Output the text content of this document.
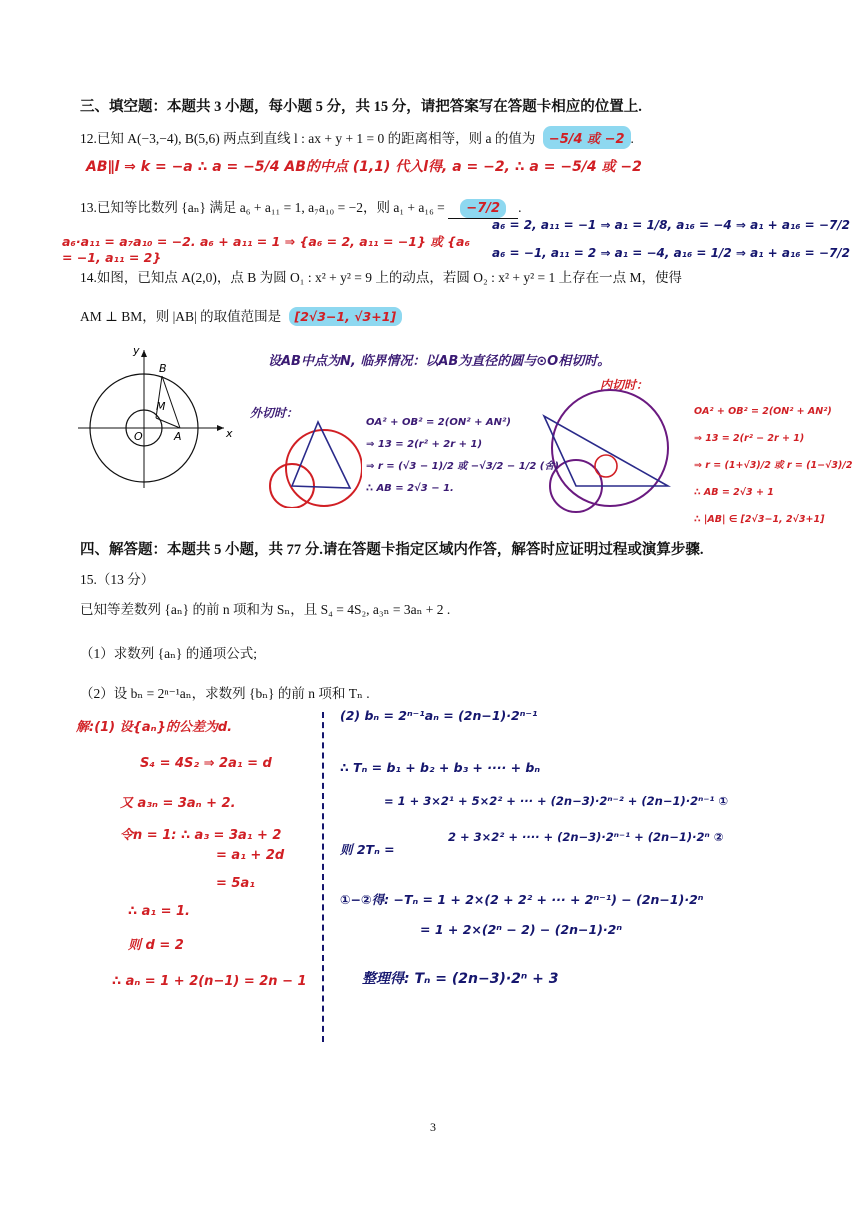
三、填空题：本题共 3 小题，每小题 5 分，共 15 分，请把答案写在答题卡相应的位置上.
12.已知 A(−3,−4), B(5,6) 两点到直线 l : ax + y + 1 = 0 的距离相等，则 a 的值为 −5/4 或 −2 .
AB∥l ⇒ k = −a ∴ a = −5/4 AB的中点 (1,1) 代入l得, a = −2, ∴ a = −5/4 或 −2
13.已知等比数列 {aₙ} 满足 a₆ + a₁₁ = 1, a₇a₁₀ = −2，则 a₁ + a₁₆ = −7/2 .
a₆·a₁₁ = a₇a₁₀ = −2. a₆ + a₁₁ = 1 ⇒ {a₆ = 2, a₁₁ = −1} 或 {a₆ = −1, a₁₁ = 2}
a₆ = 2, a₁₁ = −1 ⇒ a₁ = 1/8, a₁₆ = −4 ⇒ a₁ + a₁₆ = −7/2
a₆ = −1, a₁₁ = 2 ⇒ a₁ = −4, a₁₆ = 1/2 ⇒ a₁ + a₁₆ = −7/2
14.如图，已知点 A(2,0)，点 B 为圆 O₁ : x² + y² = 9 上的动点，若圆 O₂ : x² + y² = 1 上存在一点 M，使得
AM ⊥ BM，则 |AB| 的取值范围是 [2√3−1, √3+1]
y
x
B
M
O	A
设AB中点为N, 临界情况：以AB为直径的圆与⊙O相切时。
内切时：
外切时：
OA² + OB² = 2(ON² + AN²)
⇒ 13 = 2(r² + 2r + 1)
⇒ r = (√3 − 1)/2 或 −√3/2 − 1/2 (舍)
∴ AB = 2√3 − 1.
OA² + OB² = 2(ON² + AN²)
⇒ 13 = 2(r² − 2r + 1)
⇒ r = (1+√3)/2 或 r = (1−√3)/2
∴ AB = 2√3 + 1
∴ |AB| ∈ [2√3−1, 2√3+1]
四、解答题：本题共 5 小题，共 77 分.请在答题卡指定区域内作答，解答时应证明过程或演算步骤.
15.（13 分）
已知等差数列 {aₙ} 的前 n 项和为 Sₙ，且 S₄ = 4S₂, a₃ₙ = 3aₙ + 2 .
（1）求数列 {aₙ} 的通项公式;
（2）设 bₙ = 2ⁿ⁻¹aₙ，求数列 {bₙ} 的前 n 项和 Tₙ .
解:(1) 设{aₙ}的公差为d.
S₄ = 4S₂ ⇒ 2a₁ = d
又 a₃ₙ = 3aₙ + 2.
令n = 1: ∴ a₃ = 3a₁ + 2
= a₁ + 2d
= 5a₁
∴ a₁ = 1.
则 d = 2
∴ aₙ = 1 + 2(n−1) = 2n − 1
(2) bₙ = 2ⁿ⁻¹aₙ = (2n−1)·2ⁿ⁻¹
∴ Tₙ = b₁ + b₂ + b₃ + ···· + bₙ
= 1 + 3×2¹ + 5×2² + ··· + (2n−3)·2ⁿ⁻² + (2n−1)·2ⁿ⁻¹ ①
则 2Tₙ =
2 + 3×2² + ···· + (2n−3)·2ⁿ⁻¹ + (2n−1)·2ⁿ ②
①−②得: −Tₙ = 1 + 2×(2 + 2² + ··· + 2ⁿ⁻¹) − (2n−1)·2ⁿ
= 1 + 2×(2ⁿ − 2) − (2n−1)·2ⁿ
整理得: Tₙ = (2n−3)·2ⁿ + 3
3
